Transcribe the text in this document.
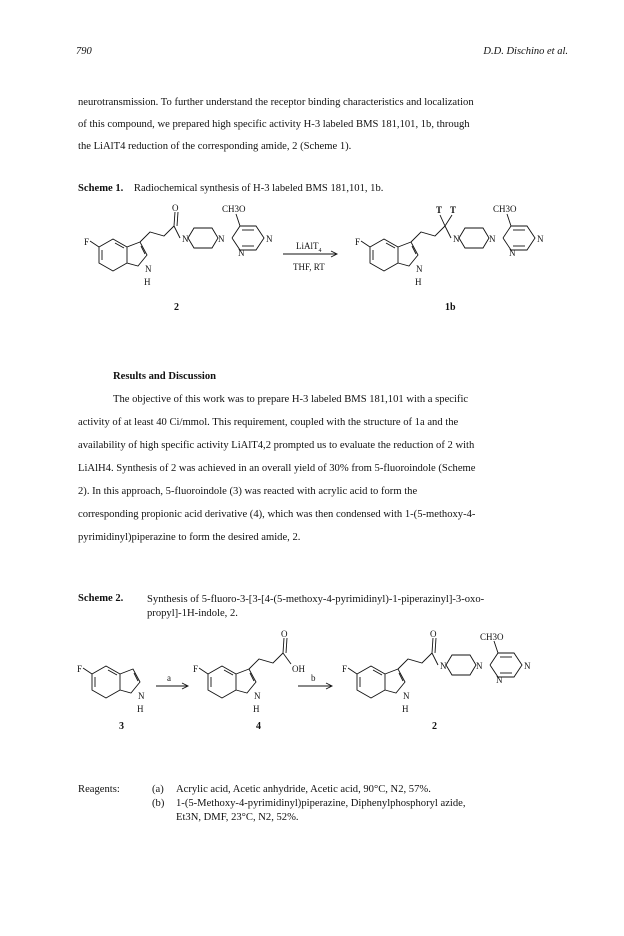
790	D.D. Dischino et al.
neurotransmission. To further understand the receptor binding characteristics and localization
of this compound, we prepared high specific activity H-3 labeled BMS 181,101, 1b, through
the LiAlT4 reduction of the corresponding amide, 2 (Scheme 1).
Scheme 1. Radiochemical synthesis of H-3 labeled BMS 181,101, 1b.
F
N
H
O
N	N	N
N
CH3O
2
LiAlT$_4$
THF, RT
F
N
H
T T
N	N	N
N
CH3O
1b
Results and Discussion
The objective of this work was to prepare H-3 labeled BMS 181,101 with a specific
activity of at least 40 Ci/mmol. This requirement, coupled with the structure of 1a and the
availability of high specific activity LiAlT4,2 prompted us to evaluate the reduction of 2 with
LiAlH4. Synthesis of 2 was achieved in an overall yield of 30% from 5-fluoroindole (Scheme
2). In this approach, 5-fluoroindole (3) was reacted with acrylic acid to form the
corresponding propionic acid derivative (4), which was then condensed with 1-(5-methoxy-4-
pyrimidinyl)piperazine to form the desired amide, 2.
Scheme 2. Synthesis of 5-fluoro-3-[3-[4-(5-methoxy-4-pyrimidinyl)-1-piperazinyl]-3-oxo-
propyl]-1H-indole, 2.
F
N
H
3
a
F
N
H
O
OH
4
b
F
N
H
O
N	N	N
N
CH3O
2
Reagents:	(a) Acrylic acid, Acetic anhydride, Acetic acid, 90°C, N2, 57%.
(b) 1-(5-Methoxy-4-pyrimidinyl)piperazine, Diphenylphosphoryl azide,
Et3N, DMF, 23°C, N2, 52%.
